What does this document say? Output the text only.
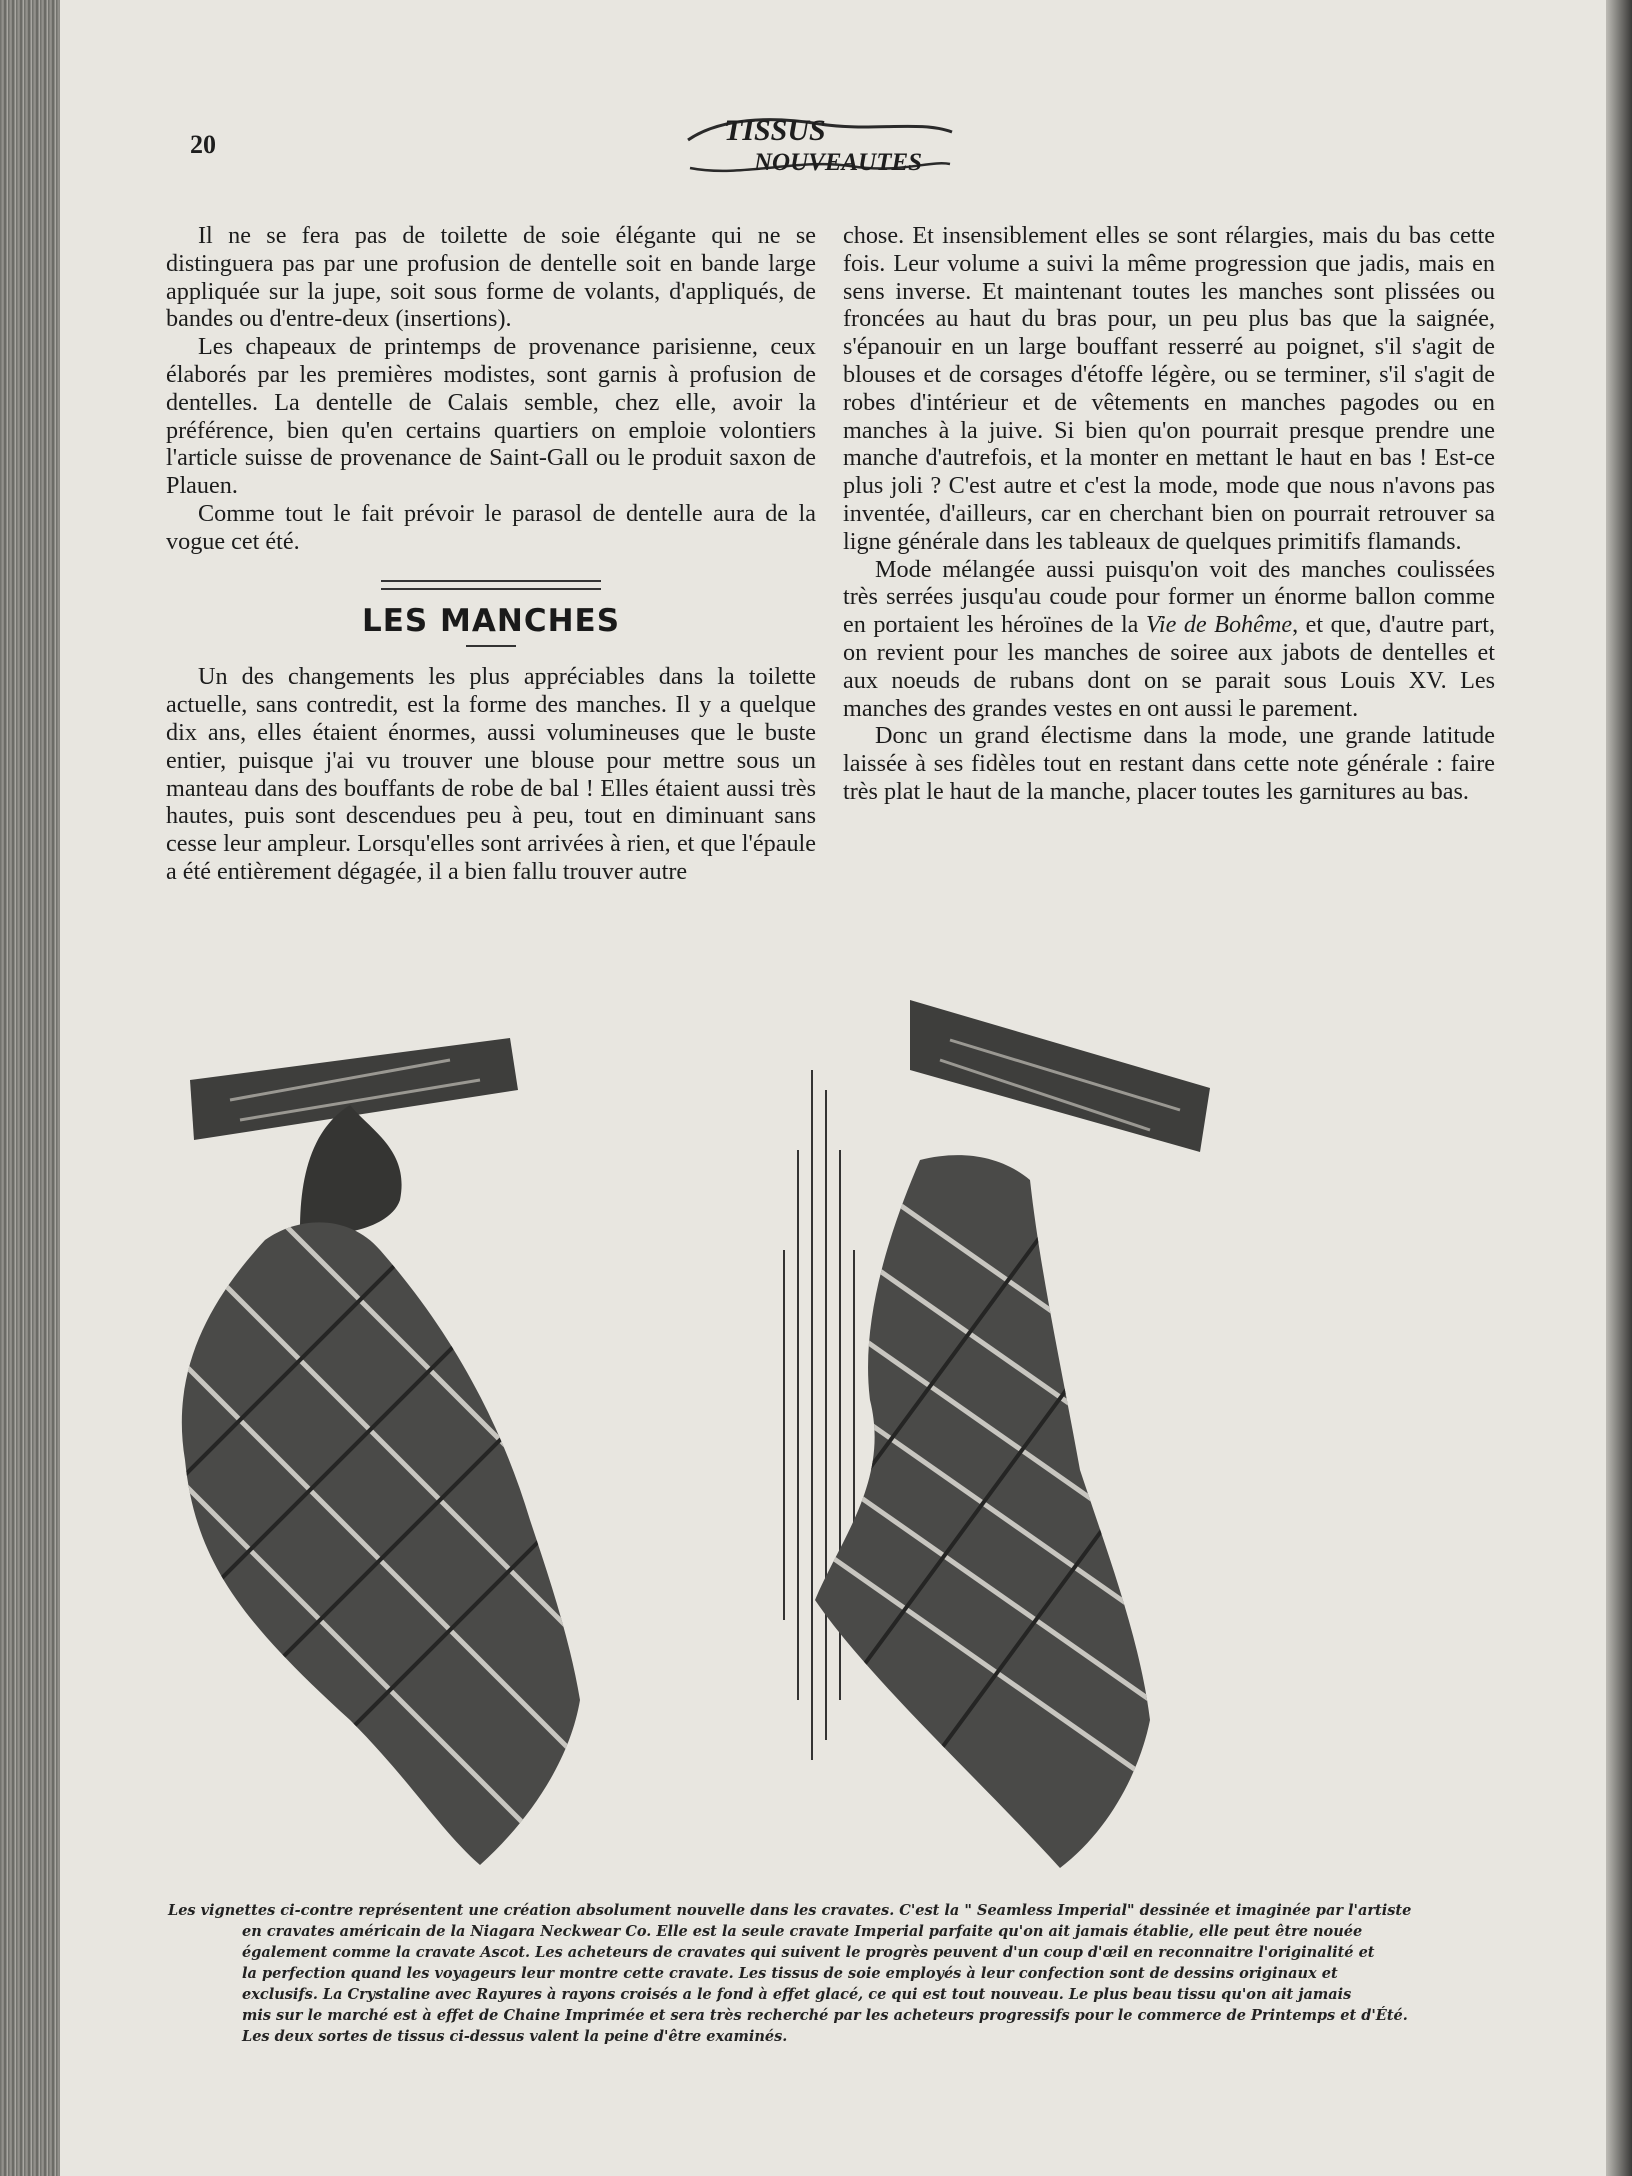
20	TISSUS
NOUVEAUTES

Il ne se fera pas de toilette de soie élégante qui ne se distinguera pas par une profusion de dentelle soit en bande large appliquée sur la jupe, soit sous forme de volants, d'appliqués, de bandes ou d'entre-deux (insertions).

Les chapeaux de printemps de provenance parisienne, ceux élaborés par les premières modistes, sont garnis à profusion de dentelles. La dentelle de Calais semble, chez elle, avoir la préférence, bien qu'en certains quartiers on emploie volontiers l'article suisse de provenance de Saint-Gall ou le produit saxon de Plauen.

Comme tout le fait prévoir le parasol de dentelle aura de la vogue cet été.

LES MANCHES

Un des changements les plus appréciables dans la toilette actuelle, sans contredit, est la forme des manches. Il y a quelque dix ans, elles étaient énormes, aussi volumineuses que le buste entier, puisque j'ai vu trouver une blouse pour mettre sous un manteau dans des bouffants de robe de bal ! Elles étaient aussi très hautes, puis sont descendues peu à peu, tout en diminuant sans cesse leur ampleur. Lorsqu'elles sont arrivées à rien, et que l'épaule a été entièrement dégagée, il a bien fallu trouver autre

chose. Et insensiblement elles se sont rélargies, mais du bas cette fois. Leur volume a suivi la même progression que jadis, mais en sens inverse. Et maintenant toutes les manches sont plissées ou froncées au haut du bras pour, un peu plus bas que la saignée, s'épanouir en un large bouffant resserré au poignet, s'il s'agit de blouses et de corsages d'étoffe légère, ou se terminer, s'il s'agit de robes d'intérieur et de vêtements en manches pagodes ou en manches à la juive. Si bien qu'on pourrait presque prendre une manche d'autrefois, et la monter en mettant le haut en bas ! Est-ce plus joli ? C'est autre et c'est la mode, mode que nous n'avons pas inventée, d'ailleurs, car en cherchant bien on pourrait retrouver sa ligne générale dans les tableaux de quelques primitifs flamands.

Mode mélangée aussi puisqu'on voit des manches coulissées très serrées jusqu'au coude pour former un énorme ballon comme en portaient les héroïnes de la Vie de Bohême, et que, d'autre part, on revient pour les manches de soiree aux jabots de dentelles et aux noeuds de rubans dont on se parait sous Louis XV. Les manches des grandes vestes en ont aussi le parement.

Donc un grand électisme dans la mode, une grande latitude laissée à ses fidèles tout en restant dans cette note générale : faire très plat le haut de la manche, placer toutes les garnitures au bas.

Les vignettes ci-contre représentent une création absolument nouvelle dans les cravates. C'est la " Seamless Imperial" dessinée et imaginée par l'artiste
en cravates américain de la Niagara Neckwear Co. Elle est la seule cravate Imperial parfaite qu'on ait jamais établie, elle peut être nouée
également comme la cravate Ascot. Les acheteurs de cravates qui suivent le progrès peuvent d'un coup d'œil en reconnaitre l'originalité et
la perfection quand les voyageurs leur montre cette cravate. Les tissus de soie employés à leur confection sont de dessins originaux et
exclusifs. La Crystaline avec Rayures à rayons croisés a le fond à effet glacé, ce qui est tout nouveau. Le plus beau tissu qu'on ait jamais
mis sur le marché est à effet de Chaine Imprimée et sera très recherché par les acheteurs progressifs pour le commerce de Printemps et d'Été.
Les deux sortes de tissus ci-dessus valent la peine d'être examinés.
